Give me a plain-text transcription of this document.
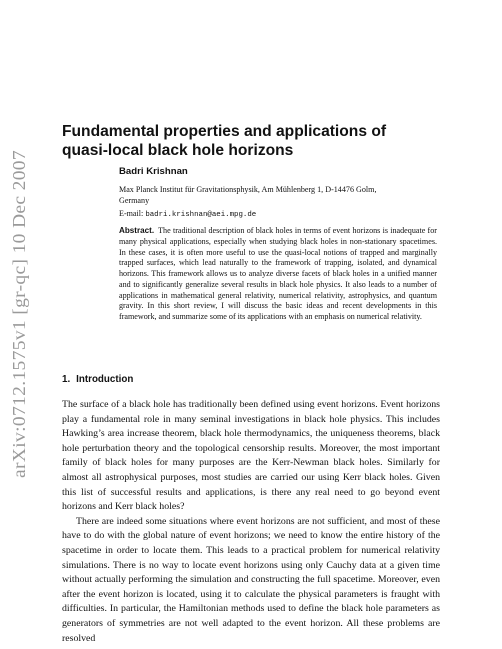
arXiv:0712.1575v1 [gr-qc] 10 Dec 2007
Fundamental properties and applications of
quasi-local black hole horizons

Badri Krishnan

Max Planck Institut für Gravitationsphysik, Am Mühlenberg 1, D-14476 Golm,
Germany

E-mail: badri.krishnan@aei.mpg.de

Abstract. The traditional description of black holes in terms of event horizons is inadequate for many physical applications, especially when studying black holes in non-stationary spacetimes. In these cases, it is often more useful to use the quasi-local notions of trapped and marginally trapped surfaces, which lead naturally to the framework of trapping, isolated, and dynamical horizons. This framework allows us to analyze diverse facets of black holes in a unified manner and to significantly generalize several results in black hole physics. It also leads to a number of applications in mathematical general relativity, numerical relativity, astrophysics, and quantum gravity. In this short review, I will discuss the basic ideas and recent developments in this framework, and summarize some of its applications with an emphasis on numerical relativity.

1. Introduction

The surface of a black hole has traditionally been defined using event horizons. Event horizons play a fundamental role in many seminal investigations in black hole physics. This includes Hawking’s area increase theorem, black hole thermodynamics, the uniqueness theorems, black hole perturbation theory and the topological censorship results. Moreover, the most important family of black holes for many purposes are the Kerr-Newman black holes. Similarly for almost all astrophysical purposes, most studies are carried our using Kerr black holes. Given this list of successful results and applications, is there any real need to go beyond event horizons and Kerr black holes?

There are indeed some situations where event horizons are not sufficient, and most of these have to do with the global nature of event horizons; we need to know the entire history of the spacetime in order to locate them. This leads to a practical problem for numerical relativity simulations. There is no way to locate event horizons using only Cauchy data at a given time without actually performing the simulation and constructing the full spacetime. Moreover, even after the event horizon is located, using it to calculate the physical parameters is fraught with difficulties. In particular, the Hamiltonian methods used to define the black hole parameters as generators of symmetries are not well adapted to the event horizon. All these problems are resolved
